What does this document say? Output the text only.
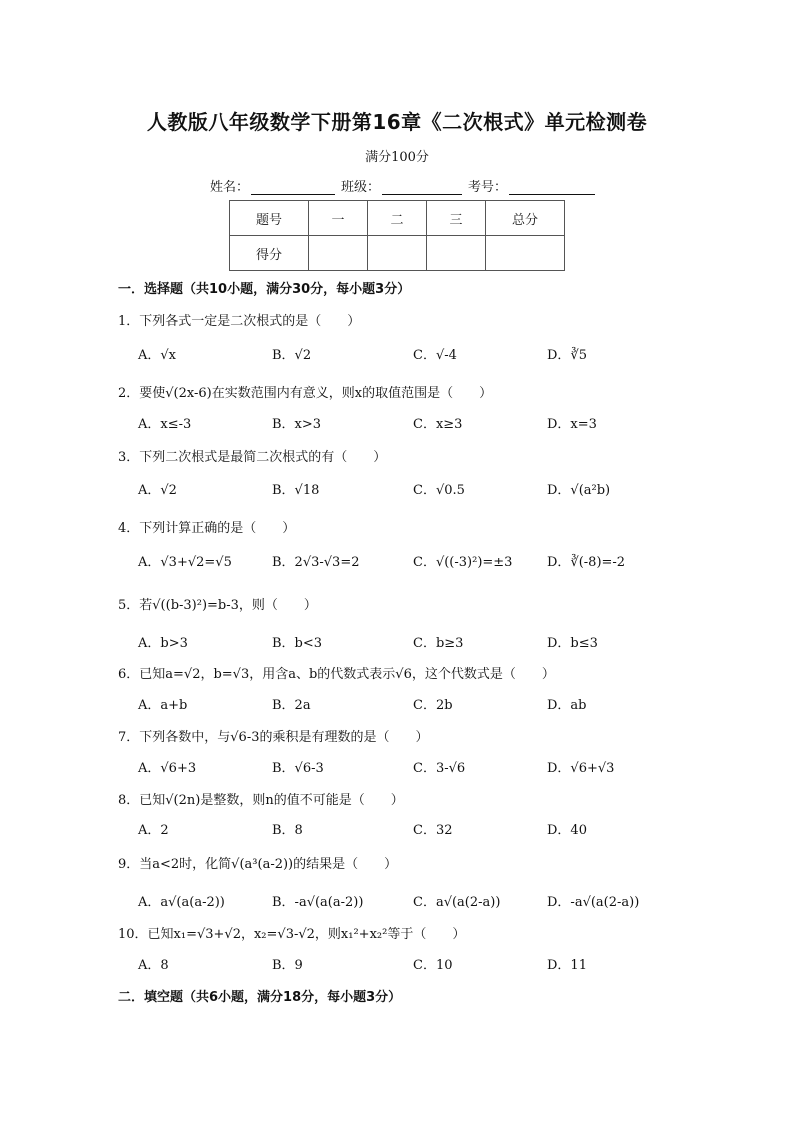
人教版八年级数学下册第16章《二次根式》单元检测卷
满分100分
姓名：	班级：	考号：
题号	一	二	三	总分
得分				
一．选择题（共10小题，满分30分，每小题3分）
1．下列各式一定是二次根式的是（　　）
A．√x	B．√2	C．√-4	D．∛5
2．要使√(2x-6)在实数范围内有意义，则x的取值范围是（　　）
A．x≤-3	B．x>3	C．x≥3	D．x=3
3．下列二次根式是最简二次根式的有（　　）
A．√2	B．√18	C．√0.5	D．√(a²b)
4．下列计算正确的是（　　）
A．√3+√2=√5	B．2√3-√3=2	C．√((-3)²)=±3	D．∛(-8)=-2
5．若√((b-3)²)=b-3，则（　　）
A．b>3	B．b<3	C．b≥3	D．b≤3
6．已知a=√2，b=√3，用含a、b的代数式表示√6，这个代数式是（　　）
A．a+b	B．2a	C．2b	D．ab
7．下列各数中，与√6-3的乘积是有理数的是（　　）
A．√6+3	B．√6-3	C．3-√6	D．√6+√3
8．已知√(2n)是整数，则n的值不可能是（　　）
A．2	B．8	C．32	D．40
9．当a<2时，化简√(a³(a-2))的结果是（　　）
A．a√(a(a-2))	B．-a√(a(a-2))	C．a√(a(2-a))	D．-a√(a(2-a))
10．已知x₁=√3+√2，x₂=√3-√2，则x₁²+x₂²等于（　　）
A．8	B．9	C．10	D．11
二．填空题（共6小题，满分18分，每小题3分）
